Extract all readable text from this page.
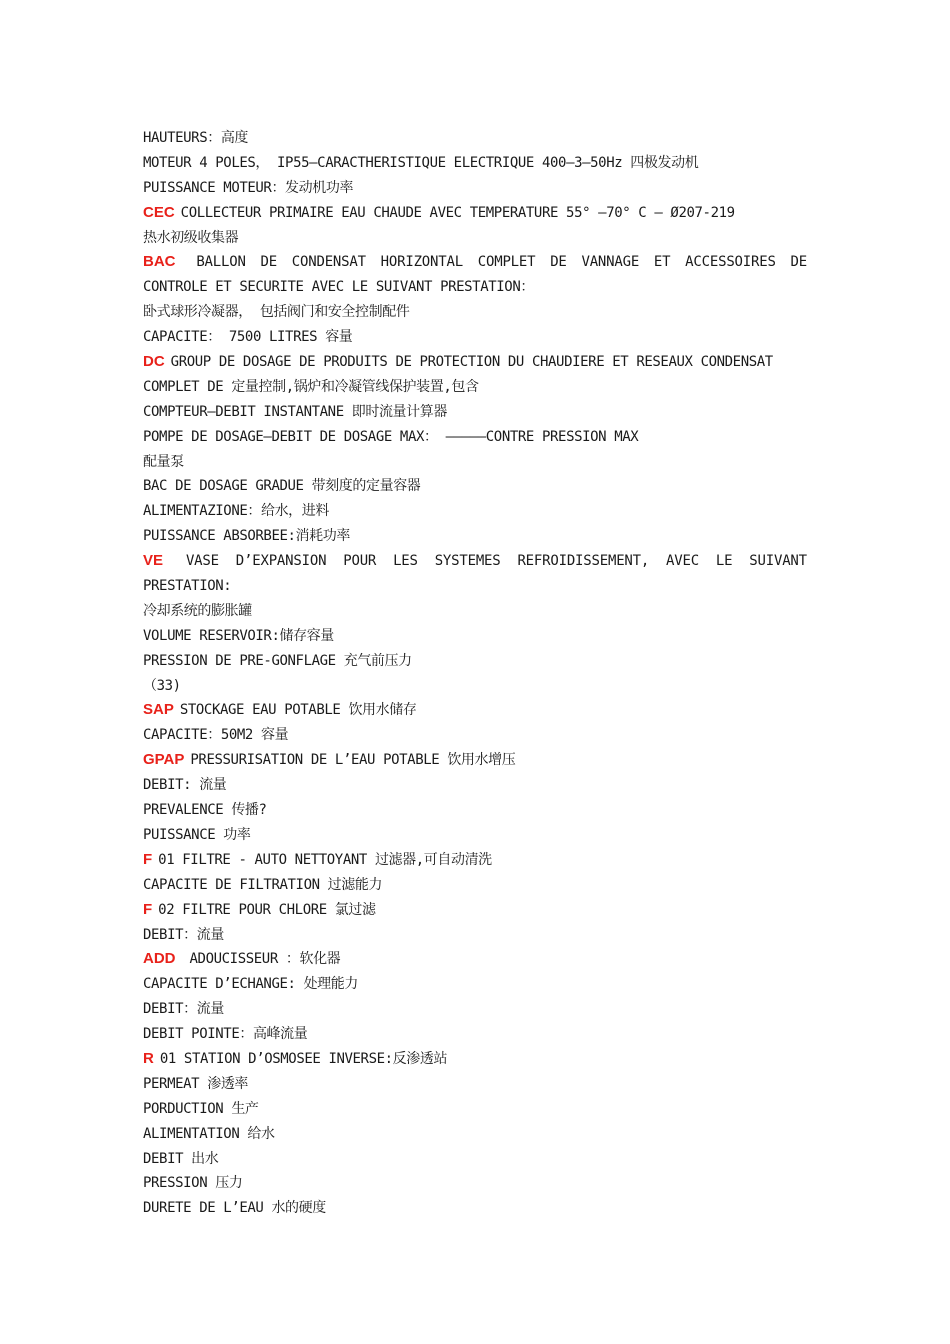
HAUTEURS：高度
MOTEUR 4 POLES， IP55—CARACTHERISTIQUE ELECTRIQUE 400—3—50Hz 四极发动机
PUISSANCE MOTEUR：发动机功率
CEC COLLECTEUR PRIMAIRE EAU CHAUDE AVEC TEMPERATURE 55° —70° C — Ø207-219
热水初级收集器
BAC BALLON DE CONDENSAT HORIZONTAL COMPLET DE VANNAGE ET ACCESSOIRES DE
CONTROLE ET SECURITE AVEC LE SUIVANT PRESTATION：
卧式球形冷凝器， 包括阀门和安全控制配件
CAPACITE： 7500 LITRES 容量
DC GROUP DE DOSAGE DE PRODUITS DE PROTECTION DU CHAUDIERE ET RESEAUX CONDENSAT
COMPLET DE 定量控制,锅炉和冷凝管线保护装置,包含
COMPTEUR—DEBIT INSTANTANE 即时流量计算器
POMPE DE DOSAGE—DEBIT DE DOSAGE MAX： ——–——CONTRE PRESSION MAX
配量泵
BAC DE DOSAGE GRADUE 带刻度的定量容器
ALIMENTAZIONE：给水，进料
PUISSANCE ABSORBEE:消耗功率
VE VASE D’EXPANSION POUR LES SYSTEMES REFROIDISSEMENT, AVEC LE SUIVANT
PRESTATION:
冷却系统的膨胀罐
VOLUME RESERVOIR:储存容量
PRESSION DE PRE-GONFLAGE 充气前压力
（33)
SAP STOCKAGE EAU POTABLE 饮用水储存
CAPACITE：50M2 容量
GPAP PRESSURISATION DE L’EAU POTABLE 饮用水增压
DEBIT: 流量
PREVALENCE 传播?
PUISSANCE 功率
F 01 FILTRE - AUTO NETTOYANT 过滤器,可自动清洗
CAPACITE DE FILTRATION 过滤能力
F 02 FILTRE POUR CHLORE 氯过滤
DEBIT：流量
ADD ADOUCISSEUR ：软化器
CAPACITE D’ECHANGE: 处理能力
DEBIT：流量
DEBIT POINTE：高峰流量
R 01 STATION D’OSMOSEE INVERSE:反渗透站
PERMEAT 渗透率
PORDUCTION 生产
ALIMENTATION 给水
DEBIT 出水
PRESSION 压力
DURETE DE L’EAU 水的硬度
